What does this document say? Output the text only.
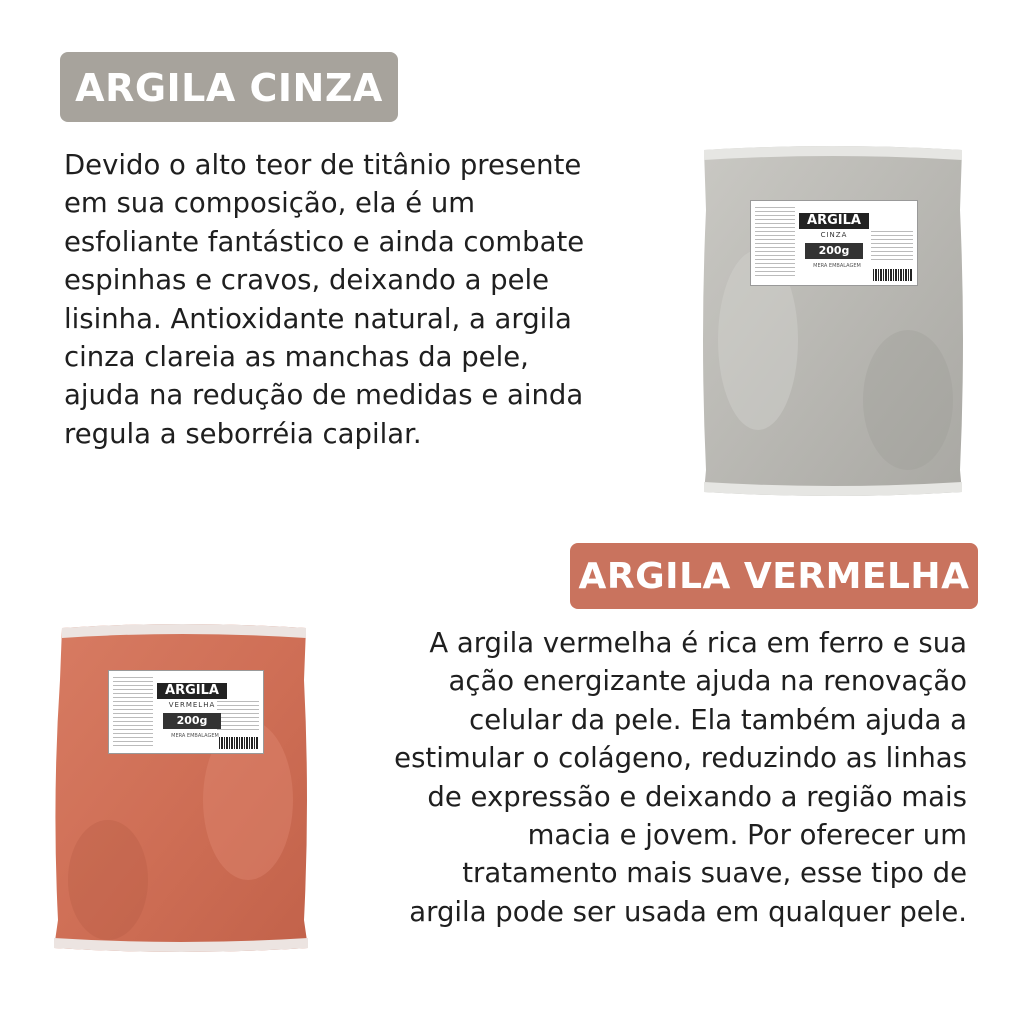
ARGILA CINZA

Devido o alto teor de titânio presente
em sua composição, ela é um
esfoliante fantástico e ainda combate
espinhas e cravos, deixando a pele
lisinha. Antioxidante natural, a argila
cinza clareia as manchas da pele,
ajuda na redução de medidas e ainda
regula a seborréia capilar.

ARGILA
CINZA
200g
MERA EMBALAGEM
ARGILA VERMELHA

A argila vermelha é rica em ferro e sua
ação energizante ajuda na renovação
celular da pele. Ela também ajuda a
estimular o colágeno, reduzindo as linhas
de expressão e deixando a região mais
macia e jovem. Por oferecer um
tratamento mais suave, esse tipo de
argila pode ser usada em qualquer pele.

ARGILA
VERMELHA
200g
MERA EMBALAGEM
